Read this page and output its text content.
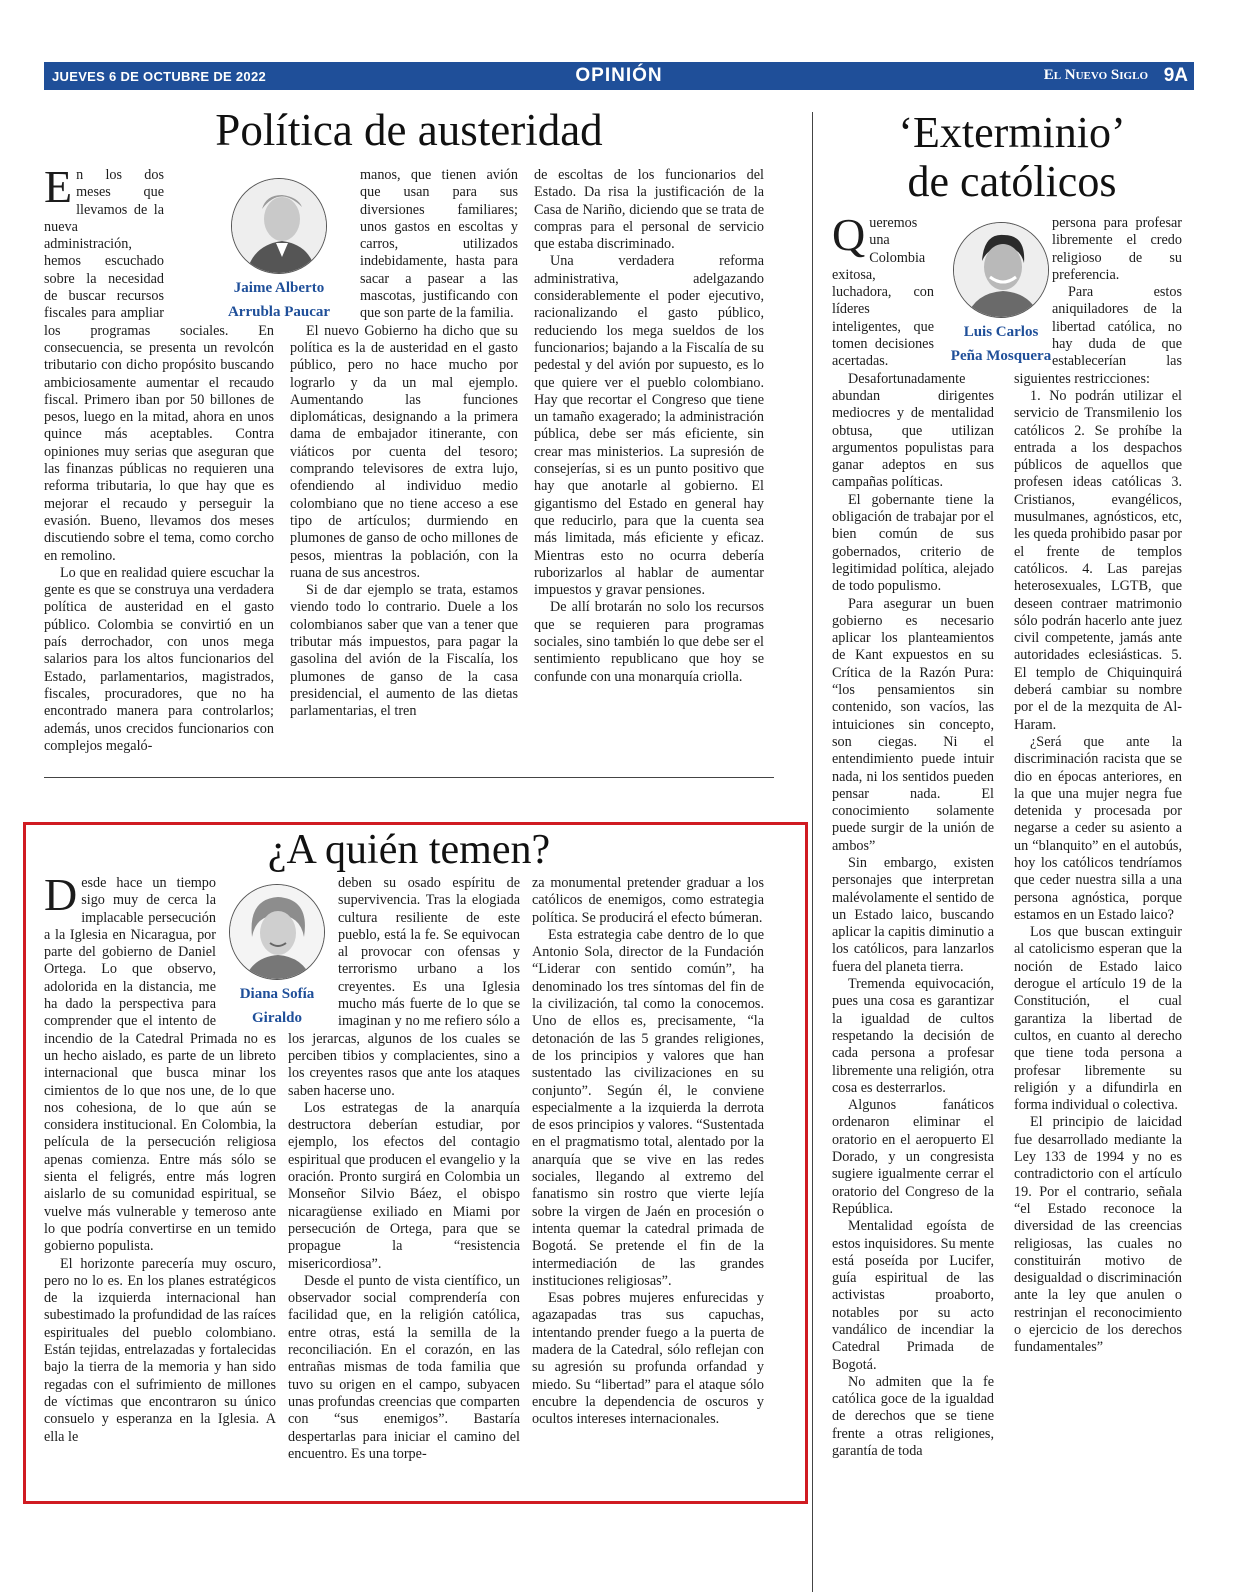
JUEVES 6 DE OCTUBRE DE 2022	OPINIÓN	El Nuevo Siglo 9A
Política de austeridad
Jaime Alberto
Arrubla Paucar

En los dos meses que llevamos de la nueva administración, hemos escuchado sobre la necesidad de buscar recursos fiscales para ampliar los programas sociales. En consecuencia, se presenta un revolcón tributario con dicho propósito buscando ambiciosamente aumentar el recaudo fiscal. Primero iban por 50 billones de pesos, luego en la mitad, ahora en unos quince más aceptables. Contra opiniones muy serias que aseguran que las finanzas públicas no requieren una reforma tributaria, lo que hay que es mejorar el recaudo y perseguir la evasión. Bueno, llevamos dos meses discutiendo sobre el tema, como corcho en remolino.

Lo que en realidad quiere escuchar la gente es que se construya una verdadera política de austeridad en el gasto público. Colombia se convirtió en un país derrochador, con unos mega salarios para los altos funcionarios del Estado, parlamentarios, magistrados, fiscales, procuradores, que no ha encontrado manera para controlarlos; además, unos crecidos funcionarios con complejos megaló-

manos, que tienen avión que usan para sus diversiones familiares; unos gastos en escoltas y carros, utilizados indebidamente, hasta para sacar a pasear a las mascotas, justificando con que son parte de la familia.

El nuevo Gobierno ha dicho que su política es la de austeridad en el gasto público, pero no hace mucho por lograrlo y da un mal ejemplo. Aumentando las funciones diplomáticas, designando a la primera dama de embajador itinerante, con viáticos por cuenta del tesoro; comprando televisores de extra lujo, ofendiendo al individuo medio colombiano que no tiene acceso a ese tipo de artículos; durmiendo en plumones de ganso de ocho millones de pesos, mientras la población, con la ruana de sus ancestros.

Si de dar ejemplo se trata, estamos viendo todo lo contrario. Duele a los colombianos saber que van a tener que tributar más impuestos, para pagar la gasolina del avión de la Fiscalía, los plumones de ganso de la casa presidencial, el aumento de las dietas parlamentarias, el tren

de escoltas de los funcionarios del Estado. Da risa la justificación de la Casa de Nariño, diciendo que se trata de compras para el personal de servicio que estaba discriminado.

Una verdadera reforma administrativa, adelgazando considerablemente el poder ejecutivo, racionalizando el gasto público, reduciendo los mega sueldos de los funcionarios; bajando a la Fiscalía de su pedestal y del avión por supuesto, es lo que quiere ver el pueblo colombiano. Hay que recortar el Congreso que tiene un tamaño exagerado; la administración pública, debe ser más eficiente, sin crear mas ministerios. La supresión de consejerías, si es un punto positivo que hay que anotarle al gobierno. El gigantismo del Estado en general hay que reducirlo, para que la cuenta sea más limitada, más eficiente y eficaz. Mientras esto no ocurra debería ruborizarlos al hablar de aumentar impuestos y gravar pensiones.

De allí brotarán no solo los recursos que se requieren para programas sociales, sino también lo que debe ser el sentimiento republicano que hoy se confunde con una monarquía criolla.

‘Exterminio’
de católicos
Luis Carlos
Peña Mosquera

Queremos una Colombia exitosa, luchadora, con líderes inteligentes, que tomen decisiones acertadas.

Desafortunadamente abundan dirigentes mediocres y de mentalidad obtusa, que utilizan argumentos populistas para ganar adeptos en sus campañas políticas.

El gobernante tiene la obligación de trabajar por el bien común de sus gobernados, criterio de legitimidad política, alejado de todo populismo.

Para asegurar un buen gobierno es necesario aplicar los planteamientos de Kant expuestos en su Crítica de la Razón Pura: “los pensamientos sin contenido, son vacíos, las intuiciones sin concepto, son ciegas. Ni el entendimiento puede intuir nada, ni los sentidos pueden pensar nada. El conocimiento solamente puede surgir de la unión de ambos”

Sin embargo, existen personajes que interpretan malévolamente el sentido de un Estado laico, buscando aplicar la capitis diminutio a los católicos, para lanzarlos fuera del planeta tierra.

Tremenda equivocación, pues una cosa es garantizar la igualdad de cultos respetando la decisión de cada persona a profesar libremente una religión, otra cosa es desterrarlos.

Algunos fanáticos ordenaron eliminar el oratorio en el aeropuerto El Dorado, y un congresista sugiere igualmente cerrar el oratorio del Congreso de la República.

Mentalidad egoísta de estos inquisidores. Su mente está poseída por Lucifer, guía espiritual de las activistas proaborto, notables por su acto vandálico de incendiar la Catedral Primada de Bogotá.

No admiten que la fe católica goce de la igualdad de derechos que se tiene frente a otras religiones, garantía de toda

persona para profesar libremente el credo religioso de su preferencia.

Para estos aniquiladores de la libertad católica, no hay duda de que establecerían las siguientes restricciones:

1. No podrán utilizar el servicio de Transmilenio los católicos 2. Se prohíbe la entrada a los despachos públicos de aquellos que profesen ideas católicas 3. Cristianos, evangélicos, musulmanes, agnósticos, etc, les queda prohibido pasar por el frente de templos católicos. 4. Las parejas heterosexuales, LGTB, que deseen contraer matrimonio sólo podrán hacerlo ante juez civil competente, jamás ante autoridades eclesiásticas. 5. El templo de Chiquinquirá deberá cambiar su nombre por el de la mezquita de Al-Haram.

¿Será que ante la discriminación racista que se dio en épocas anteriores, en la que una mujer negra fue detenida y procesada por negarse a ceder su asiento a un “blanquito” en el autobús, hoy los católicos tendríamos que ceder nuestra silla a una persona agnóstica, porque estamos en un Estado laico?

Los que buscan extinguir al catolicismo esperan que la noción de Estado laico derogue el artículo 19 de la Constitución, el cual garantiza la libertad de cultos, en cuanto al derecho que tiene toda persona a profesar libremente su religión y a difundirla en forma individual o colectiva.

El principio de laicidad fue desarrollado mediante la Ley 133 de 1994 y no es contradictorio con el artículo 19. Por el contrario, señala “el Estado reconoce la diversidad de las creencias religiosas, las cuales no constituirán motivo de desigualdad o discriminación ante la ley que anulen o restrinjan el reconocimiento o ejercicio de los derechos fundamentales”

¿A quién temen?
Diana Sofía
Giraldo

Desde hace un tiempo sigo muy de cerca la implacable persecución a la Iglesia en Nicaragua, por parte del gobierno de Daniel Ortega. Lo que observo, adolorida en la distancia, me ha dado la perspectiva para comprender que el intento de incendio de la Catedral Primada no es un hecho aislado, es parte de un libreto internacional que busca minar los cimientos de lo que nos une, de lo que nos cohesiona, de lo que aún se considera institucional. En Colombia, la película de la persecución religiosa apenas comienza. Entre más sólo se sienta el feligrés, entre más logren aislarlo de su comunidad espiritual, se vuelve más vulnerable y temeroso ante lo que podría convertirse en un temido gobierno populista.

El horizonte parecería muy oscuro, pero no lo es. En los planes estratégicos de la izquierda internacional han subestimado la profundidad de las raíces espirituales del pueblo colombiano. Están tejidas, entrelazadas y fortalecidas bajo la tierra de la memoria y han sido regadas con el sufrimiento de millones de víctimas que encontraron su único consuelo y esperanza en la Iglesia. A ella le

deben su osado espíritu de supervivencia. Tras la elogiada cultura resiliente de este pueblo, está la fe. Se equivocan al provocar con ofensas y terrorismo urbano a los creyentes. Es una Iglesia mucho más fuerte de lo que se imaginan y no me refiero sólo a los jerarcas, algunos de los cuales se perciben tibios y complacientes, sino a los creyentes rasos que ante los ataques saben hacerse uno.

Los estrategas de la anarquía destructora deberían estudiar, por ejemplo, los efectos del contagio espiritual que producen el evangelio y la oración. Pronto surgirá en Colombia un Monseñor Silvio Báez, el obispo nicaragüense exiliado en Miami por persecución de Ortega, para que se propague la “resistencia misericordiosa”.

Desde el punto de vista científico, un observador social comprendería con facilidad que, en la religión católica, entre otras, está la semilla de la reconciliación. En el corazón, en las entrañas mismas de toda familia que tuvo su origen en el campo, subyacen unas profundas creencias que comparten con “sus enemigos”. Bastaría despertarlas para iniciar el camino del encuentro. Es una torpe-

za monumental pretender graduar a los católicos de enemigos, como estrategia política. Se producirá el efecto búmeran.

Esta estrategia cabe dentro de lo que Antonio Sola, director de la Fundación “Liderar con sentido común”, ha denominado los tres síntomas del fin de la civilización, tal como la conocemos. Uno de ellos es, precisamente, “la detonación de las 5 grandes religiones, de los principios y valores que han sustentado las civilizaciones en su conjunto”. Según él, le conviene especialmente a la izquierda la derrota de esos principios y valores. “Sustentada en el pragmatismo total, alentado por la anarquía que se vive en las redes sociales, llegando al extremo del fanatismo sin rostro que vierte lejía sobre la virgen de Jaén en procesión o intenta quemar la catedral primada de Bogotá. Se pretende el fin de la intermediación de las grandes instituciones religiosas”.

Esas pobres mujeres enfurecidas y agazapadas tras sus capuchas, intentando prender fuego a la puerta de madera de la Catedral, sólo reflejan con su agresión su profunda orfandad y miedo. Su “libertad” para el ataque sólo encubre la dependencia de oscuros y ocultos intereses internacionales.
